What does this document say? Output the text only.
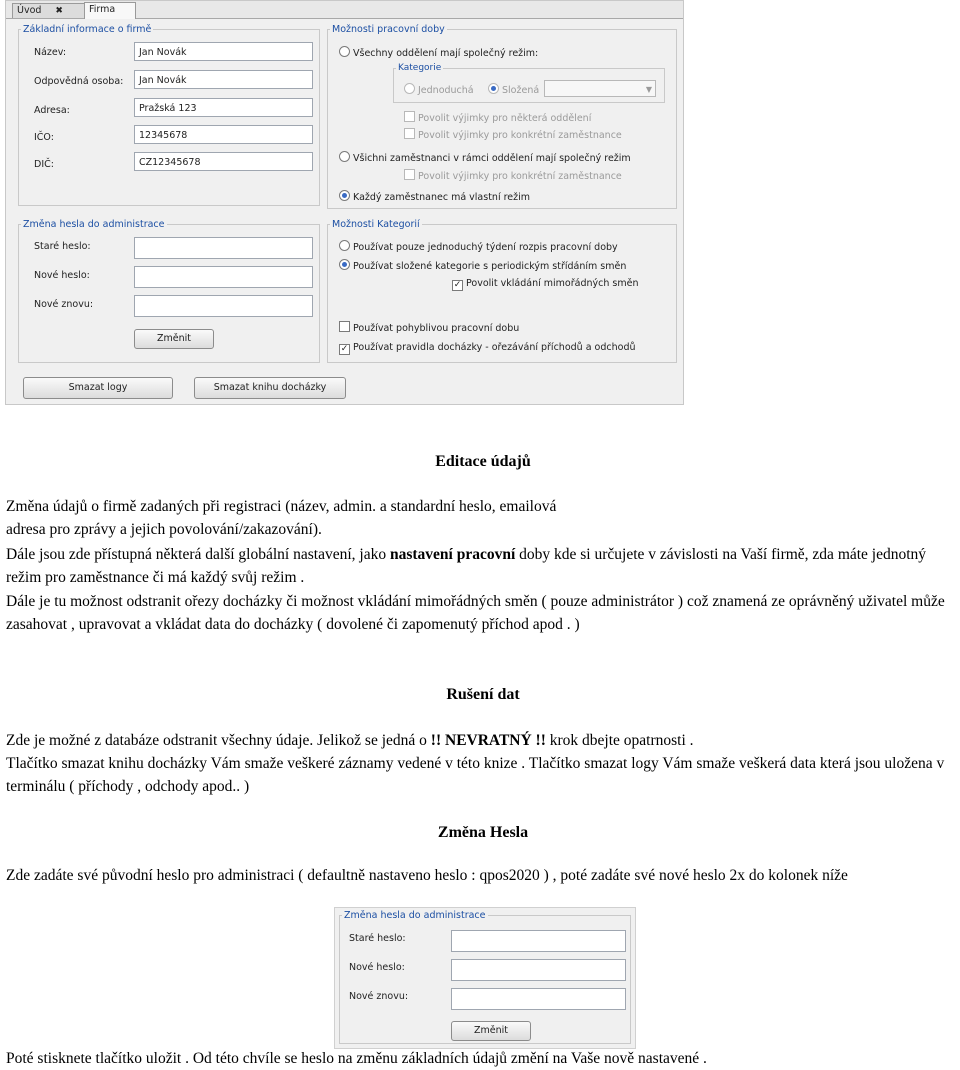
Úvod ✖	Firma
Základní informace o firmě
Název:	Jan Novák
Odpovědná osoba:	Jan Novák
Adresa:	Pražská 123
IČO:	12345678
DIČ:	CZ12345678
Možnosti pracovní doby
Všechny oddělení mají společný režim:
Kategorie
Jednoduchá	Složená	▼
Povolit výjimky pro některá oddělení
Povolit výjimky pro konkrétní zaměstnance
Všichni zaměstnanci v rámci oddělení mají společný režim
Povolit výjimky pro konkrétní zaměstnance
Každý zaměstnanec má vlastní režim
Změna hesla do administrace
Staré heslo:
Nové heslo:
Nové znovu:
Změnit
Možnosti Kategorií
Používat pouze jednoduchý týdení rozpis pracovní doby
Používat složené kategorie s periodickým střídáním směn
✓ Povolit vkládání mimořádných směn
Používat pohyblivou pracovní dobu
✓ Používat pravidla docházky - ořezávání příchodů a odchodů
Smazat logy	Smazat knihu docházky
Editace údajů
Změna údajů o firmě zadaných při registraci (název, admin. a standardní heslo, emailová
adresa pro zprávy a jejich povolování/zakazování).
Dále jsou zde přístupná některá další globální nastavení, jako nastavení pracovní doby kde si určujete v závislosti na Vaší firmě, zda máte jednotný režim pro zaměstnance či má každý svůj režim .
Dále je tu možnost odstranit ořezy docházky či možnost vkládání mimořádných směn ( pouze administrátor ) což znamená ze oprávněný uživatel může zasahovat , upravovat a vkládat data do docházky ( dovolené či zapomenutý příchod apod . )
Rušení dat
Zde je možné z databáze odstranit všechny údaje. Jelikož se jedná o !! NEVRATNÝ !! krok dbejte opatrnosti .
Tlačítko smazat knihu docházky Vám smaže veškeré záznamy vedené v této knize . Tlačítko smazat logy Vám smaže veškerá data která jsou uložena v terminálu ( příchody , odchody apod.. )
Změna Hesla
Zde zadáte své původní heslo pro administraci ( defaultně nastaveno heslo : qpos2020 ) , poté zadáte své nové heslo 2x do kolonek níže
Změna hesla do administrace
Staré heslo:
Nové heslo:
Nové znovu:
Změnit
Poté stisknete tlačítko uložit . Od této chvíle se heslo na změnu základních údajů změní na Vaše nově nastavené .
